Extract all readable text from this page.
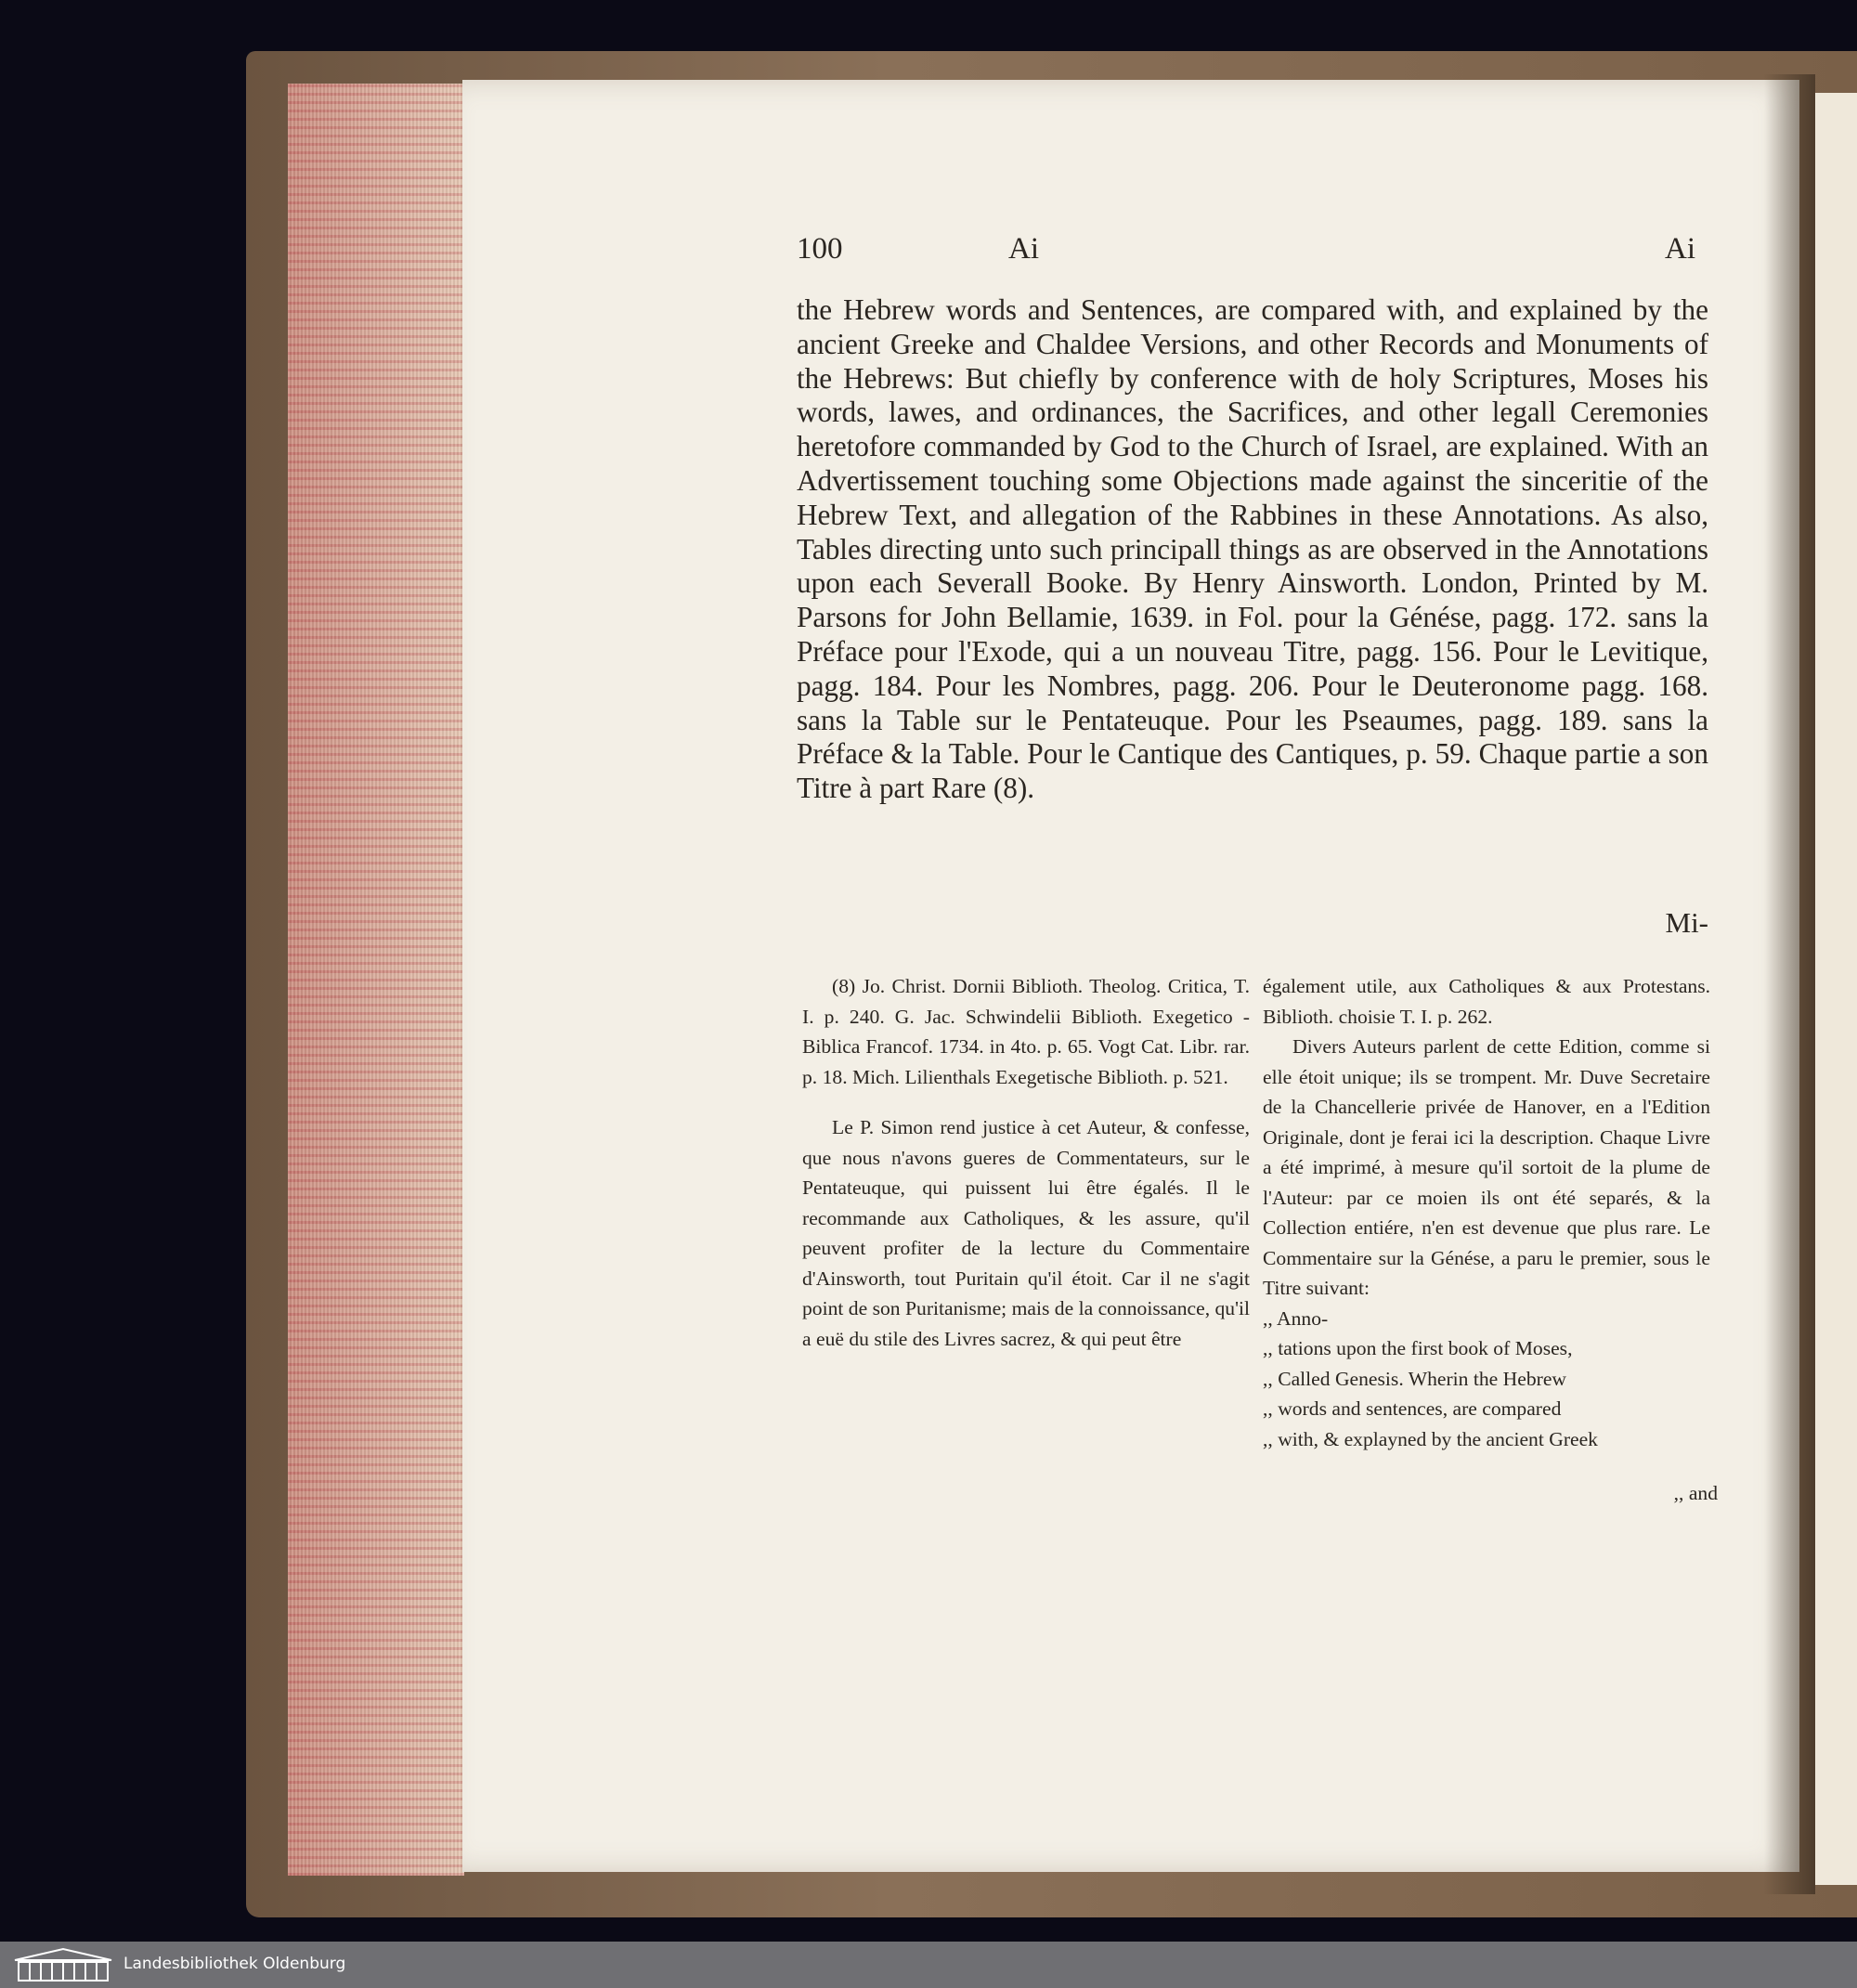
100	Ai	Ai

the Hebrew words and Sentences, are compared with, and explained by the ancient Greeke and Chaldee Versions, and other Records and Monuments of the Hebrews: But chiefly by conference with de holy Scriptures, Moses his words, lawes, and ordinances, the Sacrifices, and other legall Ceremonies heretofore commanded by God to the Church of Israel, are explained. With an Advertissement touching some Objections made against the sinceritie of the Hebrew Text, and allegation of the Rabbines in these Annotations. As also, Tables directing unto such principall things as are observed in the Annotations upon each Severall Booke. By Henry Ainsworth. London, Printed by M. Parsons for John Bellamie, 1639. in Fol. pour la Génése, pagg. 172. sans la Préface pour l'Exode, qui a un nouveau Titre, pagg. 156. Pour le Levitique, pagg. 184. Pour les Nombres, pagg. 206. Pour le Deuteronome pagg. 168. sans la Table sur le Pentateuque. Pour les Pseaumes, pagg. 189. sans la Préface & la Table. Pour le Cantique des Cantiques, p. 59. Chaque partie a son Titre à part Rare (8).

Mi-

(8) Jo. Christ. Dornii Biblioth. Theolog. Critica, T. I. p. 240. G. Jac. Schwindelii Biblioth. Exegetico - Biblica Francof. 1734. in 4to. p. 65. Vogt Cat. Libr. rar. p. 18. Mich. Lilienthals Exegetische Biblioth. p. 521.

Le P. Simon rend justice à cet Auteur, & confesse, que nous n'avons gueres de Commentateurs, sur le Pentateuque, qui puissent lui être égalés. Il le recommande aux Catholiques, & les assure, qu'il peuvent profiter de la lecture du Commentaire d'Ainsworth, tout Puritain qu'il étoit. Car il ne s'agit point de son Puritanisme; mais de la connoissance, qu'il a euë du stile des Livres sacrez, & qui peut être

également utile, aux Catholiques & aux Protestans. Biblioth. choisie T. I. p. 262.

Divers Auteurs parlent de cette Edition, comme si elle étoit unique; ils se trompent. Mr. Duve Secretaire de la Chancellerie privée de Hanover, en a l'Edition Originale, dont je ferai ici la description. Chaque Livre a été imprimé, à mesure qu'il sortoit de la plume de l'Auteur: par ce moien ils ont été separés, & la Collection entiére, n'en est devenue que plus rare. Le Commentaire sur la Génése, a paru le premier, sous le Titre suivant:

,, Anno-
,, tations upon the first book of Moses,
,, Called Genesis. Wherin the Hebrew
,, words and sentences, are compared
,, with, & explayned by the ancient Greek
,, and
Landesbibliothek Oldenburg
